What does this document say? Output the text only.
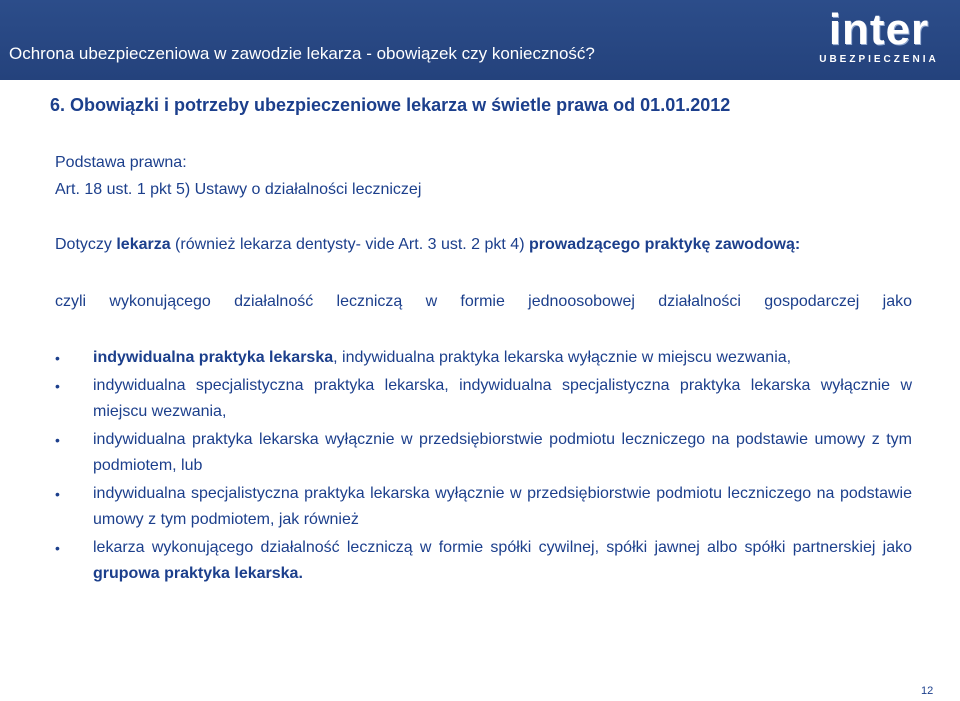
Ochrona ubezpieczeniowa w zawodzie lekarza - obowiązek czy konieczność?	inter
UBEZPIECZENIA
6. Obowiązki i potrzeby ubezpieczeniowe lekarza w świetle prawa od 01.01.2012
Podstawa prawna:
Art. 18 ust. 1 pkt 5) Ustawy o działalności leczniczej
Dotyczy lekarza (również lekarza dentysty- vide Art. 3 ust. 2 pkt 4) prowadzącego praktykę zawodową:
czyli wykonującego działalność leczniczą w formie jednoosobowej działalności gospodarczej jako
• indywidualna praktyka lekarska, indywidualna praktyka lekarska wyłącznie w miejscu wezwania,
• indywidualna specjalistyczna praktyka lekarska, indywidualna specjalistyczna praktyka lekarska wyłącznie w miejscu wezwania,
• indywidualna praktyka lekarska wyłącznie w przedsiębiorstwie podmiotu leczniczego na podstawie umowy z tym podmiotem, lub
• indywidualna specjalistyczna praktyka lekarska wyłącznie w przedsiębiorstwie podmiotu leczniczego na podstawie umowy z tym podmiotem, jak również
• lekarza wykonującego działalność leczniczą w formie spółki cywilnej, spółki jawnej albo spółki partnerskiej jako grupowa praktyka lekarska.
12
